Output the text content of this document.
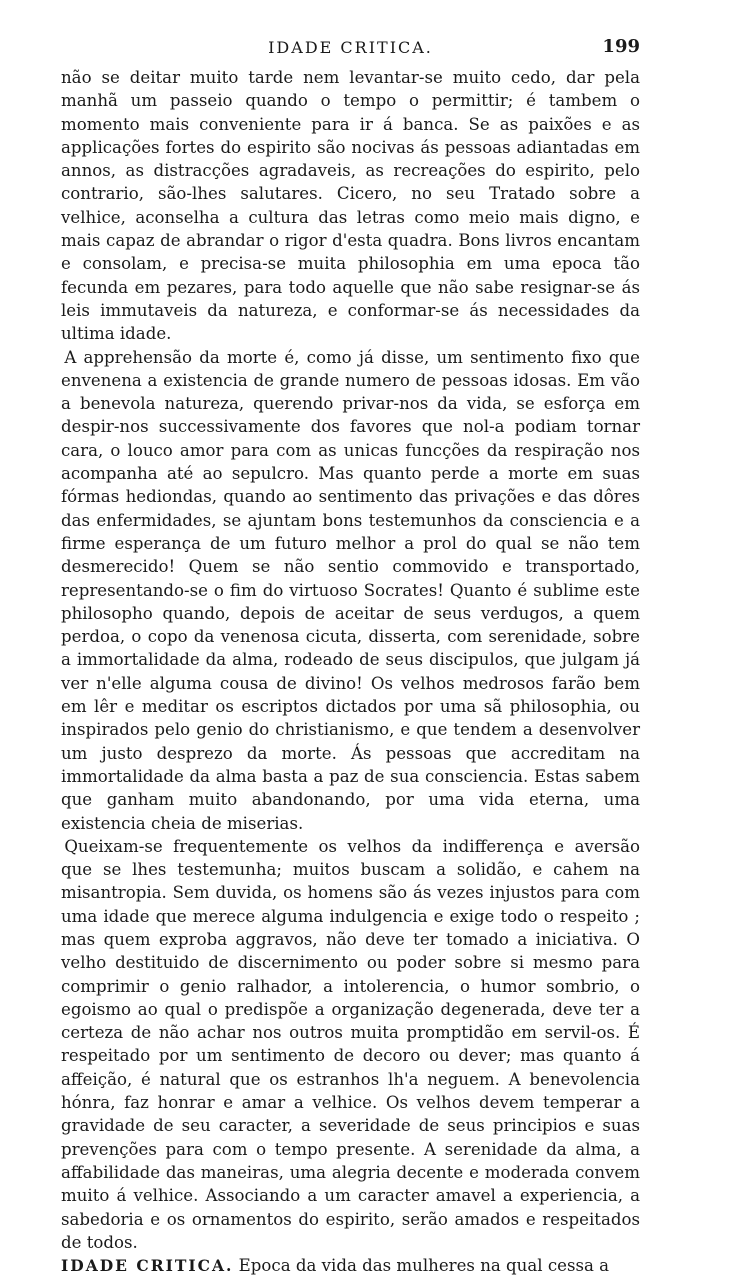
IDADE CRITICA.	199

não se deitar muito tarde nem levantar-se muito cedo, dar pela manhã um passeio quando o tempo o permittir; é tambem o momento mais conveniente para ir á banca. Se as paixões e as applicações fortes do espirito são nocivas ás pessoas adiantadas em annos, as distracções agradaveis, as recreações do espirito, pelo contrario, são-lhes salutares. Cicero, no seu Tratado sobre a velhice, aconselha a cultura das letras como meio mais digno, e mais capaz de abrandar o rigor d'esta quadra. Bons livros encantam e consolam, e precisa-se muita philosophia em uma epoca tão fecunda em pezares, para todo aquelle que não sabe resignar-se ás leis immutaveis da natureza, e conformar-se ás necessidades da ultima idade.

A apprehensão da morte é, como já disse, um sentimento fixo que envenena a existencia de grande numero de pessoas idosas. Em vão a benevola natureza, querendo privar-nos da vida, se esforça em despir-nos successivamente dos favores que nol-a podiam tornar cara, o louco amor para com as unicas funcções da respiração nos acompanha até ao sepulcro. Mas quanto perde a morte em suas fórmas hediondas, quando ao sentimento das privações e das dôres das enfermidades, se ajuntam bons testemunhos da consciencia e a firme esperança de um futuro melhor a prol do qual se não tem desmerecido! Quem se não sentio commovido e transportado, representando-se o fim do virtuoso Socrates! Quanto é sublime este philosopho quando, depois de aceitar de seus verdugos, a quem perdoa, o copo da venenosa cicuta, disserta, com serenidade, sobre a immortalidade da alma, rodeado de seus discipulos, que julgam já ver n'elle alguma cousa de divino! Os velhos medrosos farão bem em lêr e meditar os escriptos dictados por uma sã philosophia, ou inspirados pelo genio do christianismo, e que tendem a desenvolver um justo desprezo da morte. Ás pessoas que accreditam na immortalidade da alma basta a paz de sua consciencia. Estas sabem que ganham muito abandonando, por uma vida eterna, uma existencia cheia de miserias.

Queixam-se frequentemente os velhos da indifferença e aversão que se lhes testemunha; muitos buscam a solidão, e cahem na misantropia. Sem duvida, os homens são ás vezes injustos para com uma idade que merece alguma indulgencia e exige todo o respeito ; mas quem exproba aggravos, não deve ter tomado a iniciativa. O velho destituido de discernimento ou poder sobre si mesmo para comprimir o genio ralhador, a intolerencia, o humor sombrio, o egoismo ao qual o predispõe a organização degenerada, deve ter a certeza de não achar nos outros muita promptidão em servil-os. É respeitado por um sentimento de decoro ou dever; mas quanto á affeição, é natural que os estranhos lh'a neguem. A benevolencia hónra, faz honrar e amar a velhice. Os velhos devem temperar a gravidade de seu caracter, a severidade de seus principios e suas prevenções para com o tempo presente. A serenidade da alma, a affabilidade das maneiras, uma alegria decente e moderada convem muito á velhice. Associando a um caracter amavel a experiencia, a sabedoria e os ornamentos do espirito, serão amados e respeitados de todos.

IDADE CRITICA. Epoca da vida das mulheres na qual cessa a
